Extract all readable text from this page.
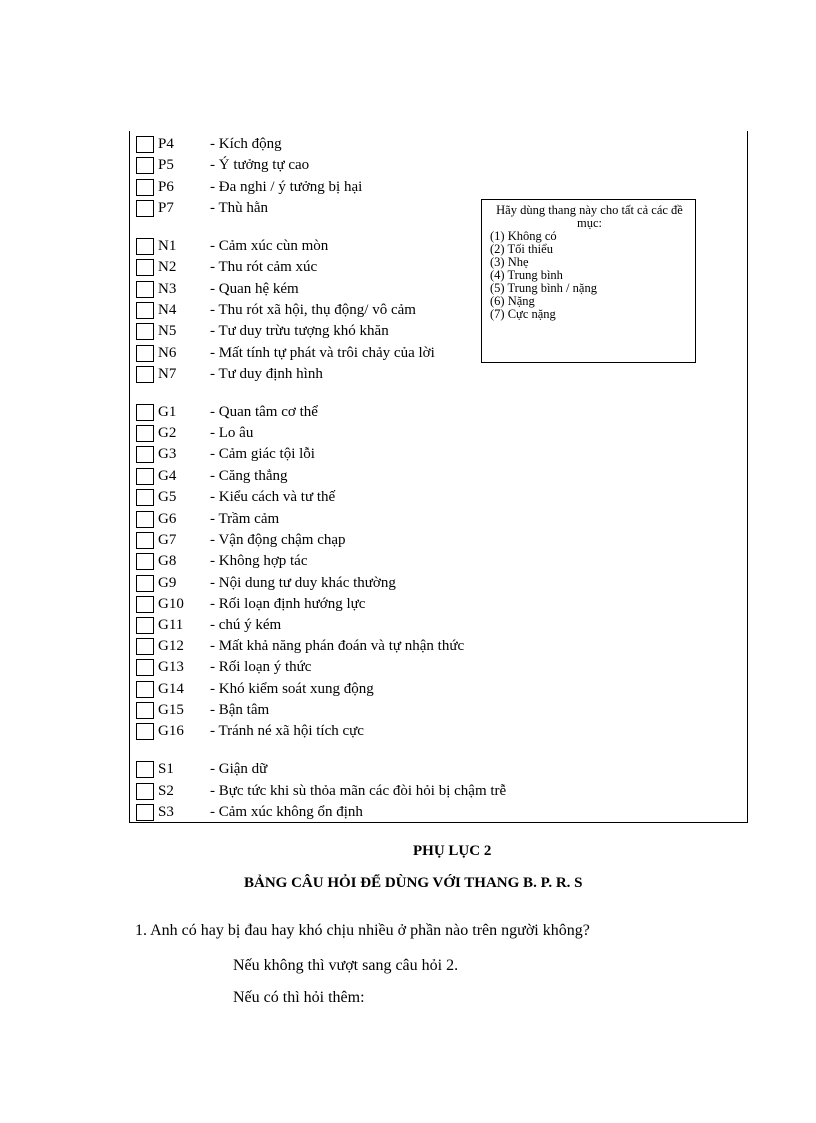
P4	- Kích động
P5	- Ý tưởng tự cao
P6	- Đa nghi / ý tưởng bị hại
P7	- Thù hằn
N1	- Cảm xúc cùn mòn
N2	- Thu rót cảm xúc
N3	- Quan hệ kém
N4	- Thu rót xã hội, thụ động/ vô cảm
N5	- Tư duy trừu tượng khó khăn
N6	- Mất tính tự phát và trôi chảy của lời
N7	- Tư duy định hình
G1	- Quan tâm cơ thể
G2	- Lo âu
G3	- Cảm giác tội lỗi
G4	- Căng thẳng
G5	- Kiểu cách và tư thế
G6	- Trầm cảm
G7	- Vận động chậm chạp
G8	- Không hợp tác
G9	- Nội dung tư duy khác thường
G10	- Rối loạn định hướng lực
G11	- chú ý kém
G12	- Mất khả năng phán đoán và tự nhận thức
G13	- Rối loạn ý thức
G14	- Khó kiểm soát xung động
G15	- Bận tâm
G16	- Tránh né xã hội tích cực
S1	- Giận dữ
S2	- Bực tức khi sù thỏa mãn các đòi hỏi bị chậm trễ
S3	- Cảm xúc không ổn định
Hãy dùng thang này cho tất cả các đề mục:
(1) Không có
(2) Tối thiểu
(3) Nhẹ
(4) Trung bình
(5) Trung bình / nặng
(6) Nặng
(7) Cực nặng
PHỤ LỤC 2
BẢNG CÂU HỎI ĐỂ DÙNG VỚI THANG B. P. R. S
1. Anh có hay bị đau hay khó chịu nhiều ở phần nào trên người không?
Nếu không thì vượt sang câu hỏi 2.
Nếu có thì hỏi thêm:
